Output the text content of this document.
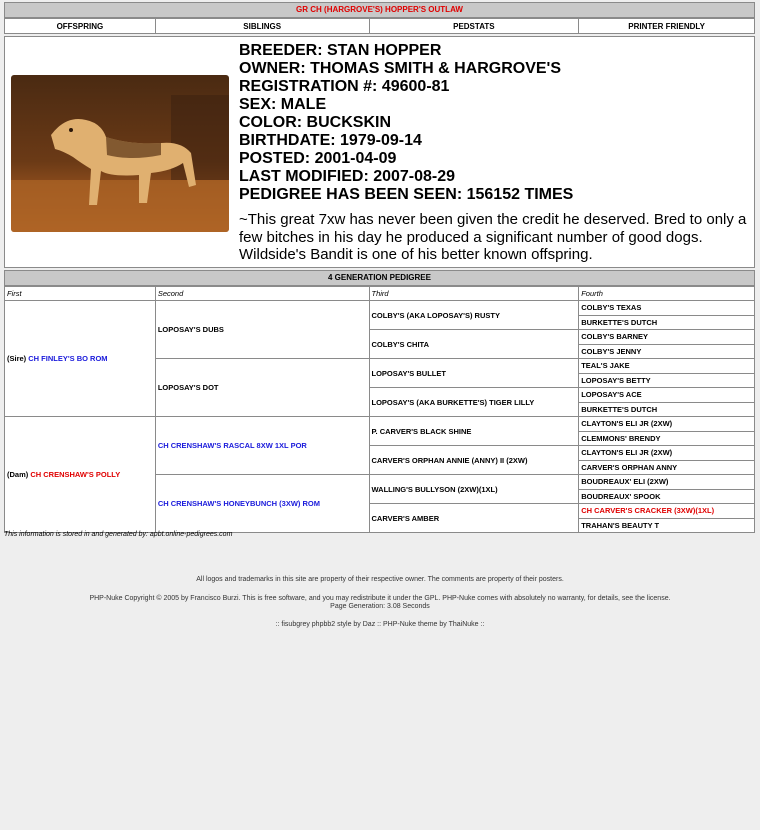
GR CH (HARGROVE'S) HOPPER'S OUTLAW
OFFSPRING	SIBLINGS	PEDSTATS	PRINTER FRIENDLY
BREEDER: STAN HOPPER
OWNER: THOMAS SMITH & HARGROVE'S
REGISTRATION #: 49600-81
SEX: MALE
COLOR: BUCKSKIN
BIRTHDATE: 1979-09-14
POSTED: 2001-04-09
LAST MODIFIED: 2007-08-29
PEDIGREE HAS BEEN SEEN: 156152 TIMES
~This great 7xw has never been given the credit he deserved. Bred to only a few bitches in his day he produced a significant number of good dogs. Wildside's Bandit is one of his better known offspring.
4 GENERATION PEDIGREE
First	Second	Third	Fourth
(Sire) CH FINLEY'S BO ROM	LOPOSAY'S DUBS	COLBY'S (AKA LOPOSAY'S) RUSTY	COLBY'S TEXAS
			BURKETTE'S DUTCH
		COLBY'S CHITA	COLBY'S BARNEY
			COLBY'S JENNY
	LOPOSAY'S DOT	LOPOSAY'S BULLET	TEAL'S JAKE
			LOPOSAY'S BETTY
		LOPOSAY'S (AKA BURKETTE'S) TIGER LILLY	LOPOSAY'S ACE
			BURKETTE'S DUTCH
(Dam) CH CRENSHAW'S POLLY	CH CRENSHAW'S RASCAL 8XW 1XL POR	P. CARVER'S BLACK SHINE	CLAYTON'S ELI JR (2XW)
			CLEMMONS' BRENDY
		CARVER'S ORPHAN ANNIE (ANNY) II (2XW)	CLAYTON'S ELI JR (2XW)
			CARVER'S ORPHAN ANNY
	CH CRENSHAW'S HONEYBUNCH (3XW) ROM	WALLING'S BULLYSON (2XW)(1XL)	BOUDREAUX' ELI (2XW)
			BOUDREAUX' SPOOK
		CARVER'S AMBER	CH CARVER'S CRACKER (3XW)(1XL)
			TRAHAN'S BEAUTY T
This information is stored in and generated by: apbt.online-pedigrees.com
All logos and trademarks in this site are property of their respective owner. The comments are property of their posters.
PHP-Nuke Copyright © 2005 by Francisco Burzi. This is free software, and you may redistribute it under the GPL. PHP-Nuke comes with absolutely no warranty, for details, see the license.
Page Generation: 3.08 Seconds
:: fisubgrey phpbb2 style by Daz :: PHP-Nuke theme by ThaiNuke ::
